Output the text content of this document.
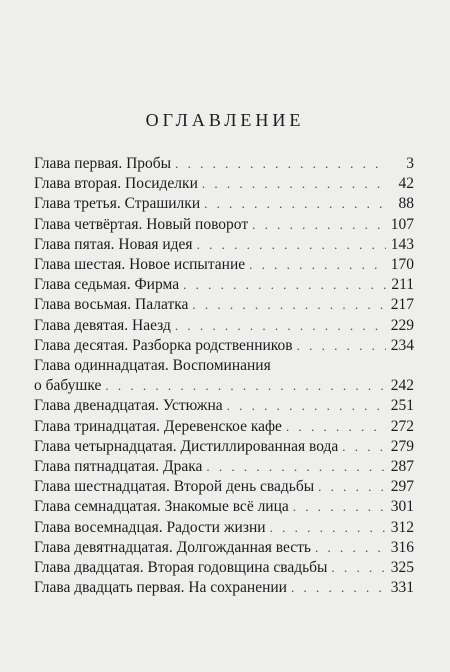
ОГЛАВЛЕНИЕ
Глава первая. Пробы . . .	3
Глава вторая. Посиделки . . .	42
Глава третья. Страшилки . . .	88
Глава четвёртая. Новый поворот . . .	107
Глава пятая. Новая идея . . .	143
Глава шестая. Новое испытание . . .	170
Глава седьмая. Фирма . . .	211
Глава восьмая. Палатка . . .	217
Глава девятая. Наезд . . .	229
Глава десятая. Разборка родственников . . .	234
Глава одиннадцатая. Воспоминания
о бабушке . . .	242
Глава двенадцатая. Устюжна . . .	251
Глава тринадцатая. Деревенское кафе . . .	272
Глава четырнадцатая. Дистиллированная вода . . .	279
Глава пятнадцатая. Драка . . .	287
Глава шестнадцатая. Второй день свадьбы . . .	297
Глава семнадцатая. Знакомые всё лица . . .	301
Глава восемнадцая. Радости жизни . . .	312
Глава девятнадцатая. Долгожданная весть . . .	316
Глава двадцатая. Вторая годовщина свадьбы . . .	325
Глава двадцать первая. На сохранении . . .	331
